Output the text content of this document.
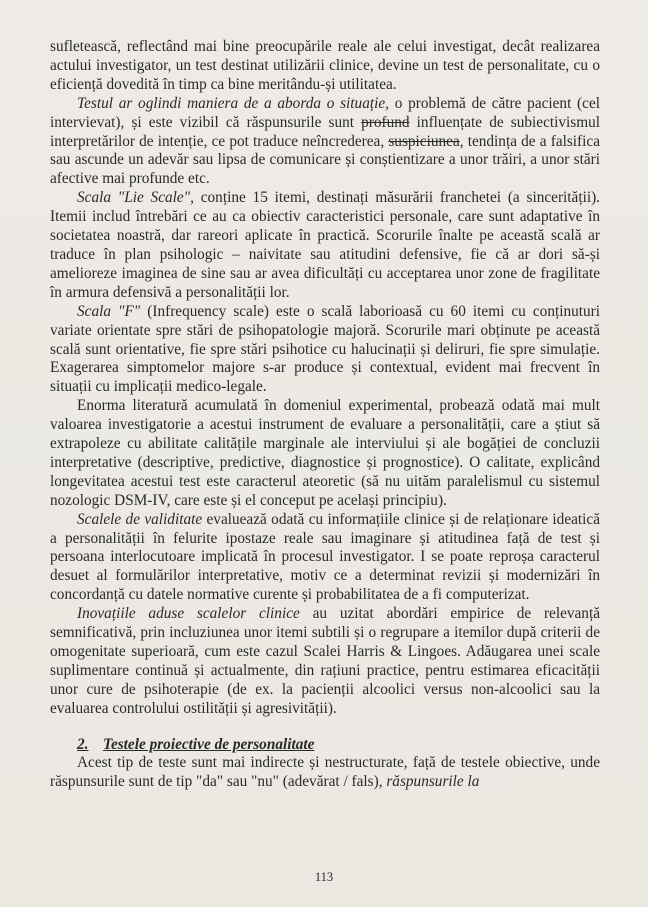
sufletească, reflectând mai bine preocupările reale ale celui investigat, decât realizarea actului investigator, un test destinat utilizării clinice, devine un test de personalitate, cu o eficiență dovedită în timp ca bine meritându-și utilitatea.

Testul ar oglindi maniera de a aborda o situație, o problemă de către pacient (cel intervievat), și este vizibil că răspunsurile sunt profund influențate de subiectivismul interpretărilor de intenție, ce pot traduce neîncrederea, suspiciunea, tendința de a falsifica sau ascunde un adevăr sau lipsa de comunicare și conștientizare a unor trăiri, a unor stări afective mai profunde etc.

Scala "Lie Scale", conține 15 itemi, destinați măsurării franchetei (a sincerității). Itemii includ întrebări ce au ca obiectiv caracteristici personale, care sunt adaptative în societatea noastră, dar rareori aplicate în practică. Scorurile înalte pe această scală ar traduce în plan psihologic – naivitate sau atitudini defensive, fie că ar dori să-și amelioreze imaginea de sine sau ar avea dificultăți cu acceptarea unor zone de fragilitate în armura defensivă a personalității lor.

Scala "F" (Infrequency scale) este o scală laborioasă cu 60 itemi cu conținuturi variate orientate spre stări de psihopatologie majoră. Scorurile mari obținute pe această scală sunt orientative, fie spre stări psihotice cu halucinații și deliruri, fie spre simulație. Exagerarea simptomelor majore s-ar produce și contextual, evident mai frecvent în situații cu implicații medico-legale.

Enorma literatură acumulată în domeniul experimental, probează odată mai mult valoarea investigatorie a acestui instrument de evaluare a personalității, care a știut să extrapoleze cu abilitate calitățile marginale ale interviului și ale bogăției de concluzii interpretative (descriptive, predictive, diagnostice și prognostice). O calitate, explicând longevitatea acestui test este caracterul ateoretic (să nu uităm paralelismul cu sistemul nozologic DSM-IV, care este și el conceput pe același principiu).

Scalele de validitate evaluează odată cu informațiile clinice și de relaționare ideatică a personalității în felurite ipostaze reale sau imaginare și atitudinea față de test și persoana interlocutoare implicată în procesul investigator. I se poate reproșa caracterul desuet al formulărilor interpretative, motiv ce a determinat revizii și modernizări în concordanță cu datele normative curente și probabilitatea de a fi computerizat.

Inovațiile aduse scalelor clinice au uzitat abordări empirice de relevanță semnificativă, prin incluziunea unor itemi subtili și o regrupare a itemilor după criterii de omogenitate superioară, cum este cazul Scalei Harris & Lingoes. Adăugarea unei scale suplimentare continuă și actualmente, din rațiuni practice, pentru estimarea eficacității unor cure de psihoterapie (de ex. la pacienții alcoolici versus non-alcoolici sau la evaluarea controlului ostilității și agresivității).

2. Testele proiective de personalitate

Acest tip de teste sunt mai indirecte și nestructurate, față de testele obiective, unde răspunsurile sunt de tip "da" sau "nu" (adevărat / fals), răspunsurile la

113
